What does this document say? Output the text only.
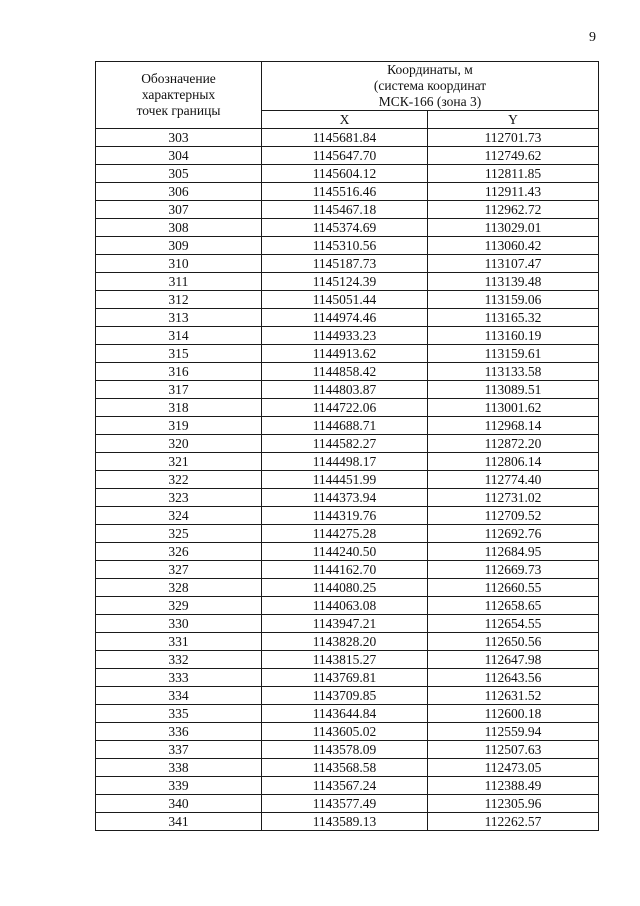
9
Обозначение
характерных
точек границы	Координаты, м
(система координат
МСК-166 (зона 3)	

	X	Y
303	1145681.84	112701.73
304	1145647.70	112749.62
305	1145604.12	112811.85
306	1145516.46	112911.43
307	1145467.18	112962.72
308	1145374.69	113029.01
309	1145310.56	113060.42
310	1145187.73	113107.47
311	1145124.39	113139.48
312	1145051.44	113159.06
313	1144974.46	113165.32
314	1144933.23	113160.19
315	1144913.62	113159.61
316	1144858.42	113133.58
317	1144803.87	113089.51
318	1144722.06	113001.62
319	1144688.71	112968.14
320	1144582.27	112872.20
321	1144498.17	112806.14
322	1144451.99	112774.40
323	1144373.94	112731.02
324	1144319.76	112709.52
325	1144275.28	112692.76
326	1144240.50	112684.95
327	1144162.70	112669.73
328	1144080.25	112660.55
329	1144063.08	112658.65
330	1143947.21	112654.55
331	1143828.20	112650.56
332	1143815.27	112647.98
333	1143769.81	112643.56
334	1143709.85	112631.52
335	1143644.84	112600.18
336	1143605.02	112559.94
337	1143578.09	112507.63
338	1143568.58	112473.05
339	1143567.24	112388.49
340	1143577.49	112305.96
341	1143589.13	112262.57
